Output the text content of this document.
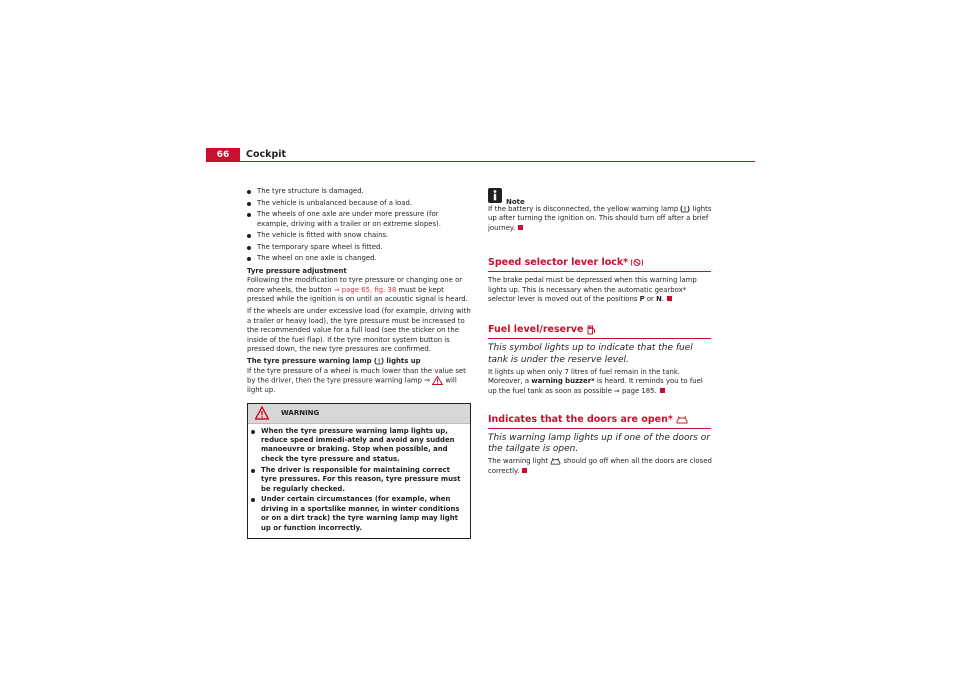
66	Cockpit

The tyre structure is damaged.

The vehicle is unbalanced because of a load.

The wheels of one axle are under more pressure (for example, driving with a trailer or on extreme slopes).

The vehicle is fitted with snow chains.

The temporary spare wheel is fitted.

The wheel on one axle is changed.

Tyre pressure adjustment

Following the modification to tyre pressure or changing one or more wheels, the button ⇒ page 65, fig. 38 must be kept pressed while the ignition is on until an acoustic signal is heard.

If the wheels are under excessive load (for example, driving with a trailer or heavy load), the tyre pressure must be increased to the recommended value for a full load (see the sticker on the inside of the fuel flap). If the tyre monitor system button is pressed down, the new tyre pressures are confirmed.

The tyre pressure warning lamp  lights up

If the tyre pressure of a wheel is much lower than the value set by the driver, then the tyre pressure warning lamp ⇒  will light up.

WARNING

When the tyre pressure warning lamp lights up, reduce speed immedi-ately and avoid any sudden manoeuvre or braking. Stop when possible, and check the tyre pressure and status.

The driver is responsible for maintaining correct tyre pressures. For this reason, tyre pressure must be regularly checked.

Under certain circumstances (for example, when driving in a sportslike manner, in winter conditions or on a dirt track) the tyre warning lamp may light up or function incorrectly.

Note

If the battery is disconnected, the yellow warning lamp  lights up after turning the ignition on. This should turn off after a brief journey.

Speed selector lever lock*

The brake pedal must be depressed when this warning lamp lights up. This is necessary when the automatic gearbox* selector lever is moved out of the positions P or N.

Fuel level/reserve

This symbol lights up to indicate that the fuel tank is under the reserve level.

It lights up when only 7 litres of fuel remain in the tank. Moreover, a warning buzzer* is heard. It reminds you to fuel up the fuel tank as soon as possible ⇒ page 185.

Indicates that the doors are open*

This warning lamp lights up if one of the doors or the tailgate is open.

The warning light  should go off when all the doors are closed correctly.
